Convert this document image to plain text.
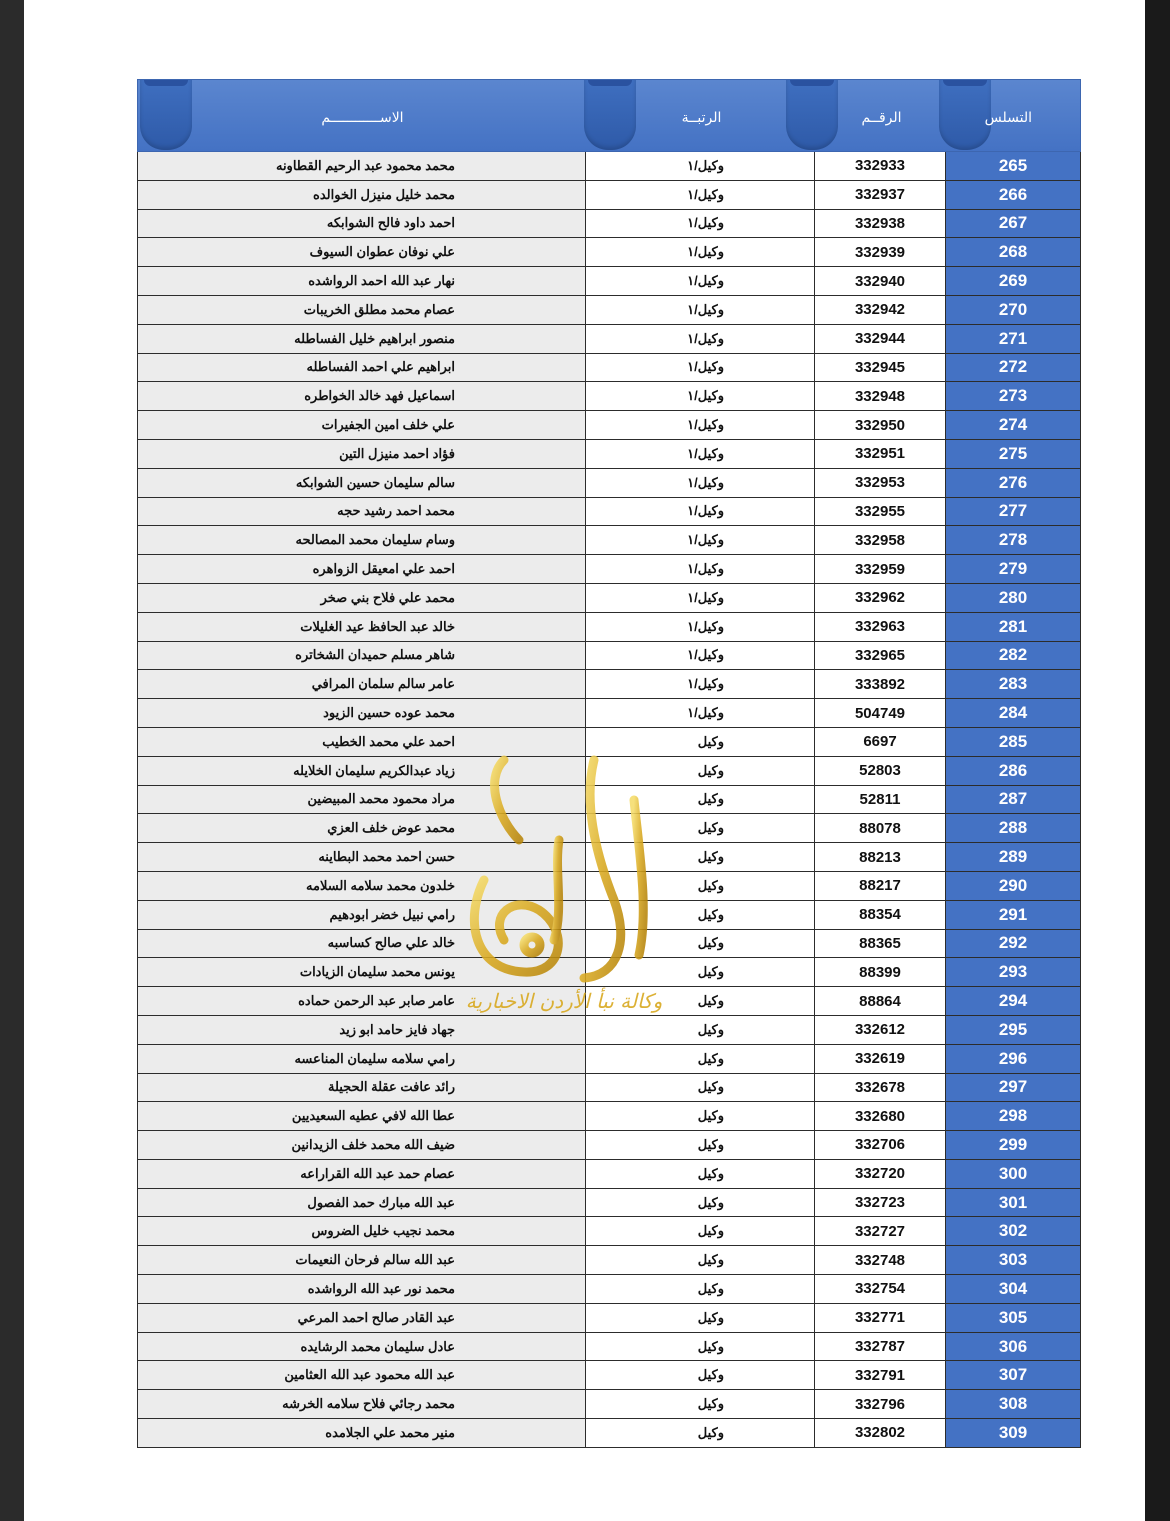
الاســــــــــــم	الرتبــة	الرقــم	التسلس
محمد محمود عبد الرحيم القطاونه	وكيل/١	332933	265
محمد خليل منيزل الخوالده	وكيل/١	332937	266
احمد داود فالح الشوابكه	وكيل/١	332938	267
علي نوفان عطوان السيوف	وكيل/١	332939	268
نهار عبد الله احمد الرواشده	وكيل/١	332940	269
عصام محمد مطلق الخريبات	وكيل/١	332942	270
منصور ابراهيم خليل الفساطله	وكيل/١	332944	271
ابراهيم علي احمد الفساطله	وكيل/١	332945	272
اسماعيل فهد خالد الخواطره	وكيل/١	332948	273
علي خلف امين الجفيرات	وكيل/١	332950	274
فؤاد احمد منيزل التين	وكيل/١	332951	275
سالم سليمان حسين الشوابكه	وكيل/١	332953	276
محمد احمد رشيد حجه	وكيل/١	332955	277
وسام سليمان محمد المصالحه	وكيل/١	332958	278
احمد علي امعيقل الزواهره	وكيل/١	332959	279
محمد علي فلاح بني صخر	وكيل/١	332962	280
خالد عبد الحافظ عيد الغليلات	وكيل/١	332963	281
شاهر مسلم حميدان الشخاتره	وكيل/١	332965	282
عامر سالم سلمان المرافي	وكيل/١	333892	283
محمد عوده حسين الزيود	وكيل/١	504749	284
احمد علي محمد الخطيب	وكيل	6697	285
زياد عبدالكريم سليمان الخلايله	وكيل	52803	286
مراد محمود محمد المبيضين	وكيل	52811	287
محمد عوض خلف العزي	وكيل	88078	288
حسن احمد محمد البطاينه	وكيل	88213	289
خلدون محمد سلامه السلامه	وكيل	88217	290
رامي نبيل خضر ابودهيم	وكيل	88354	291
خالد علي صالح كساسبه	وكيل	88365	292
يونس محمد سليمان الزيادات	وكيل	88399	293
عامر صابر عبد الرحمن حماده	وكيل	88864	294
جهاد فايز حامد ابو زيد	وكيل	332612	295
رامي سلامه سليمان المناعسه	وكيل	332619	296
رائد عافت عقلة الحجيلة	وكيل	332678	297
عطا الله لافي عطيه السعيديين	وكيل	332680	298
ضيف الله محمد خلف الزيدانين	وكيل	332706	299
عصام حمد عبد الله القراراعه	وكيل	332720	300
عبد الله مبارك حمد الفصول	وكيل	332723	301
محمد نجيب خليل الضروس	وكيل	332727	302
عبد الله سالم فرحان النعيمات	وكيل	332748	303
محمد نور عبد الله الرواشده	وكيل	332754	304
عبد القادر صالح احمد المرعي	وكيل	332771	305
عادل سليمان محمد الرشايده	وكيل	332787	306
عبد الله محمود عبد الله العثامين	وكيل	332791	307
محمد رجائي فلاح سلامه الخرشه	وكيل	332796	308
منير محمد علي الجلامده	وكيل	332802	309
وكالة نبأ الأردن الاخبارية
